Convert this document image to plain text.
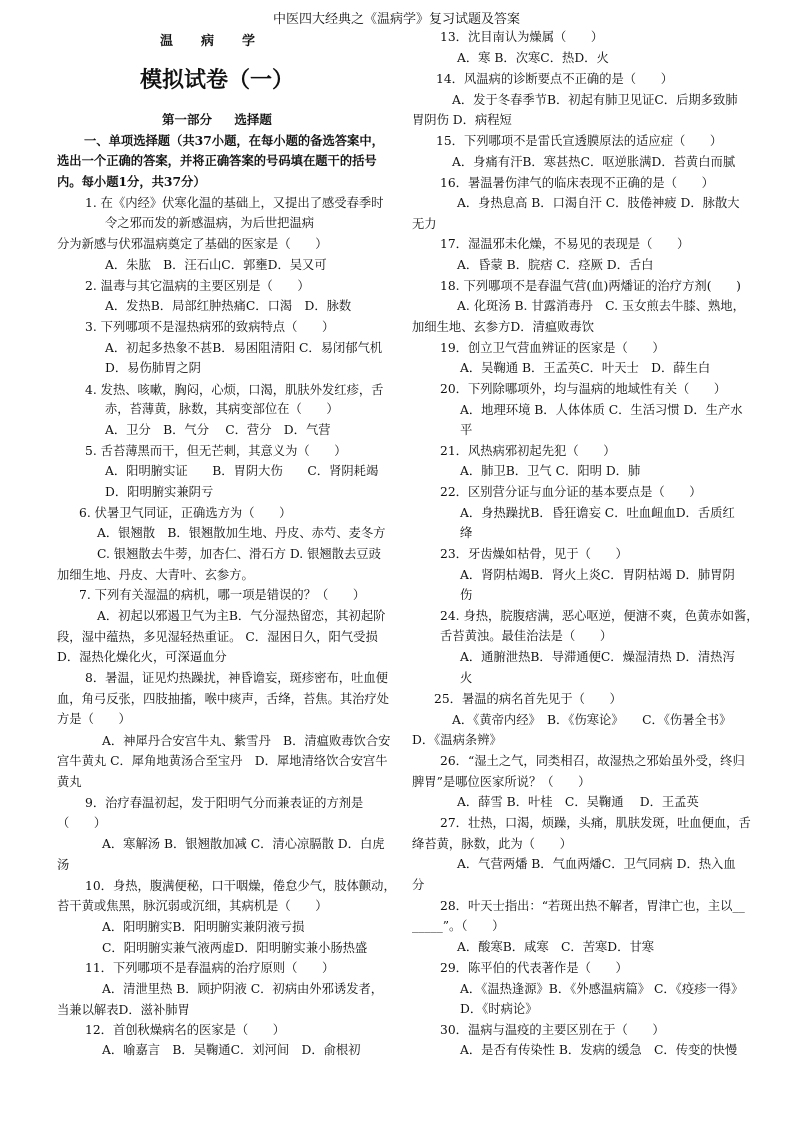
中医四大经典之《温病学》复习试题及答案
温病学
模拟试卷（一）
第一部分 选择题
一、单项选择题（共37小题，在每小题的备选答案中，
选出一个正确的答案，并将正确答案的号码填在题干的括号
内。每小题1分，共37分）
1. 在《内经》伏寒化温的基础上，又提出了感受春季时
令之邪而发的新感温病，为后世把温病
分为新感与伏邪温病奠定了基础的医家是（　　）
A．朱肱　B．汪石山C．郭壅D．吴又可
2. 温毒与其它温病的主要区别是（　　）
A．发热B．局部红肿热痛C．口渴　D．脉数
3. 下列哪项不是湿热病邪的致病特点（　　）
A．初起多热象不甚B．易困阻清阳 C．易闭郁气机
D．易伤肺胃之阴
4. 发热、咳嗽，胸闷，心烦，口渴，肌肤外发红疹，舌
赤，苔薄黄，脉数，其病变部位在（　　）
A．卫分　B．气分　 C．营分　D．气营
5. 舌苔薄黑而干，但无芒刺，其意义为（　　）
A．阳明腑实证　　B．胃阴大伤　　C．肾阴耗竭
D．阳明腑实兼阴亏
6. 伏暑卫气同证，正确选方为（　　）
A．银翘散　B．银翘散加生地、丹皮、赤芍、麦冬方
C. 银翘散去牛蒡，加杏仁、滑石方 D. 银翘散去豆豉
加细生地、丹皮、大青叶、玄参方。
7. 下列有关湿温的病机，哪一项是错误的？（　　）
A．初起以邪遏卫气为主B．气分湿热留恋，其初起阶
段，湿中蕴热，多见湿轻热重证。 C．湿困日久，阳气受损
D．湿热化燥化火，可深逼血分
8．暑温，证见灼热躁扰，神昏谵妄，斑疹密布，吐血便
血，角弓反张，四肢抽搐，喉中痰声，舌绛，苔焦。其治疗处
方是（　　）
A．神犀丹合安宫牛丸、紫雪丹　B．清瘟败毒饮合安
宫牛黄丸 C．犀角地黄汤合至宝丹　D．犀地清络饮合安宫牛
黄丸
9．治疗春温初起，发于阳明气分而兼表证的方剂是
（　　）
A．寒解汤 B．银翘散加减 C．清心凉膈散 D．白虎
汤
10．身热，腹满便秘，口干咽燥，倦怠少气，肢体颤动，
苔干黄或焦黑，脉沉弱或沉细，其病机是（　　）
A．阳明腑实B．阳明腑实兼阴液亏损
C．阳明腑实兼气液两虚D．阳明腑实兼小肠热盛
11．下列哪项不是春温病的治疗原则（　　）
A．清泄里热 B．顾护阴液 C．初病由外邪诱发者，
当兼以解表D．滋补肺胃
12．首创秋燥病名的医家是（　　）
A．喻嘉言　B．吴鞠通C．刘河间　D．俞根初
13．沈目南认为燥属（　　）
A．寒 B．次寒C．热D．火
14．风温病的诊断要点不正确的是（　　）
A．发于冬春季节B．初起有肺卫见证C．后期多致肺
胃阴伤 D．病程短
15．下列哪项不是雷氏宣透膜原法的适应症（　　）
A．身痛有汗B．寒甚热C．呕逆胀满D．苔黄白而腻
16．暑温暑伤津气的临床表现不正确的是（　　）
A．身热息高 B．口渴自汗 C．肢倦神疲 D．脉散大
无力
17．湿温邪未化燥，不易见的表现是（　　）
A．昏蒙 B．脘痞 C．痉厥 D．舌白
18. 下列哪项不是春温气营(血)两燔证的治疗方剂(　　)
A. 化斑汤 B. 甘露消毒丹　C. 玉女煎去牛膝、熟地，
加细生地、玄参方D．清瘟败毒饮
19．创立卫气营血辨证的医家是（　　）
A．吴鞠通 B．王孟英C．叶天士　D．薛生白
20．下列除哪项外，均与温病的地域性有关（　　）
A．地理环境 B．人体体质 C．生活习惯 D．生产水
平
21．风热病邪初起先犯（　　）
A．肺卫B．卫气 C．阳明 D．肺
22．区别营分证与血分证的基本要点是（　　）
A．身热躁扰B．昏狂谵妄 C．吐血衄血D．舌质红
绛
23．牙齿燥如枯骨，见于（　　）
A．肾阴枯竭B．肾火上炎C．胃阴枯竭 D．肺胃阴
伤
24. 身热，脘腹痞满，恶心呕逆，便溏不爽，色黄赤如酱，
舌苔黄浊。最佳治法是（　　）
A．通腑泄热B．导滞通便C．燥湿清热 D．清热泻
火
25．暑温的病名首先见于（　　）
A．《黄帝内经》　B．《伤寒论》　　C．《伤暑全书》
D．《温病条辨》
26．“湿土之气，同类相召，故湿热之邪始虽外受，终归
脾胃”是哪位医家所说？（　　）
A．薛雪 B．叶桂　C．吴鞠通　 D．王孟英
27．壮热，口渴，烦躁，头痛，肌肤发斑，吐血便血，舌
绛苔黄，脉数，此为（　　）
A．气营两燔 B．气血两燔C．卫气同病 D．热入血
分
28．叶天士指出：“若斑出热不解者，胃津亡也，主以__
_____”。（　　）
A．酸寒B．咸寒　C．苦寒D．甘寒
29．陈平伯的代表著作是（　　）
A．《温热逢源》B．《外感温病篇》 C．《疫疹一得》
D．《时病论》
30．温病与温疫的主要区别在于（　　）
A．是否有传染性 B．发病的缓急　C．传变的快慢
